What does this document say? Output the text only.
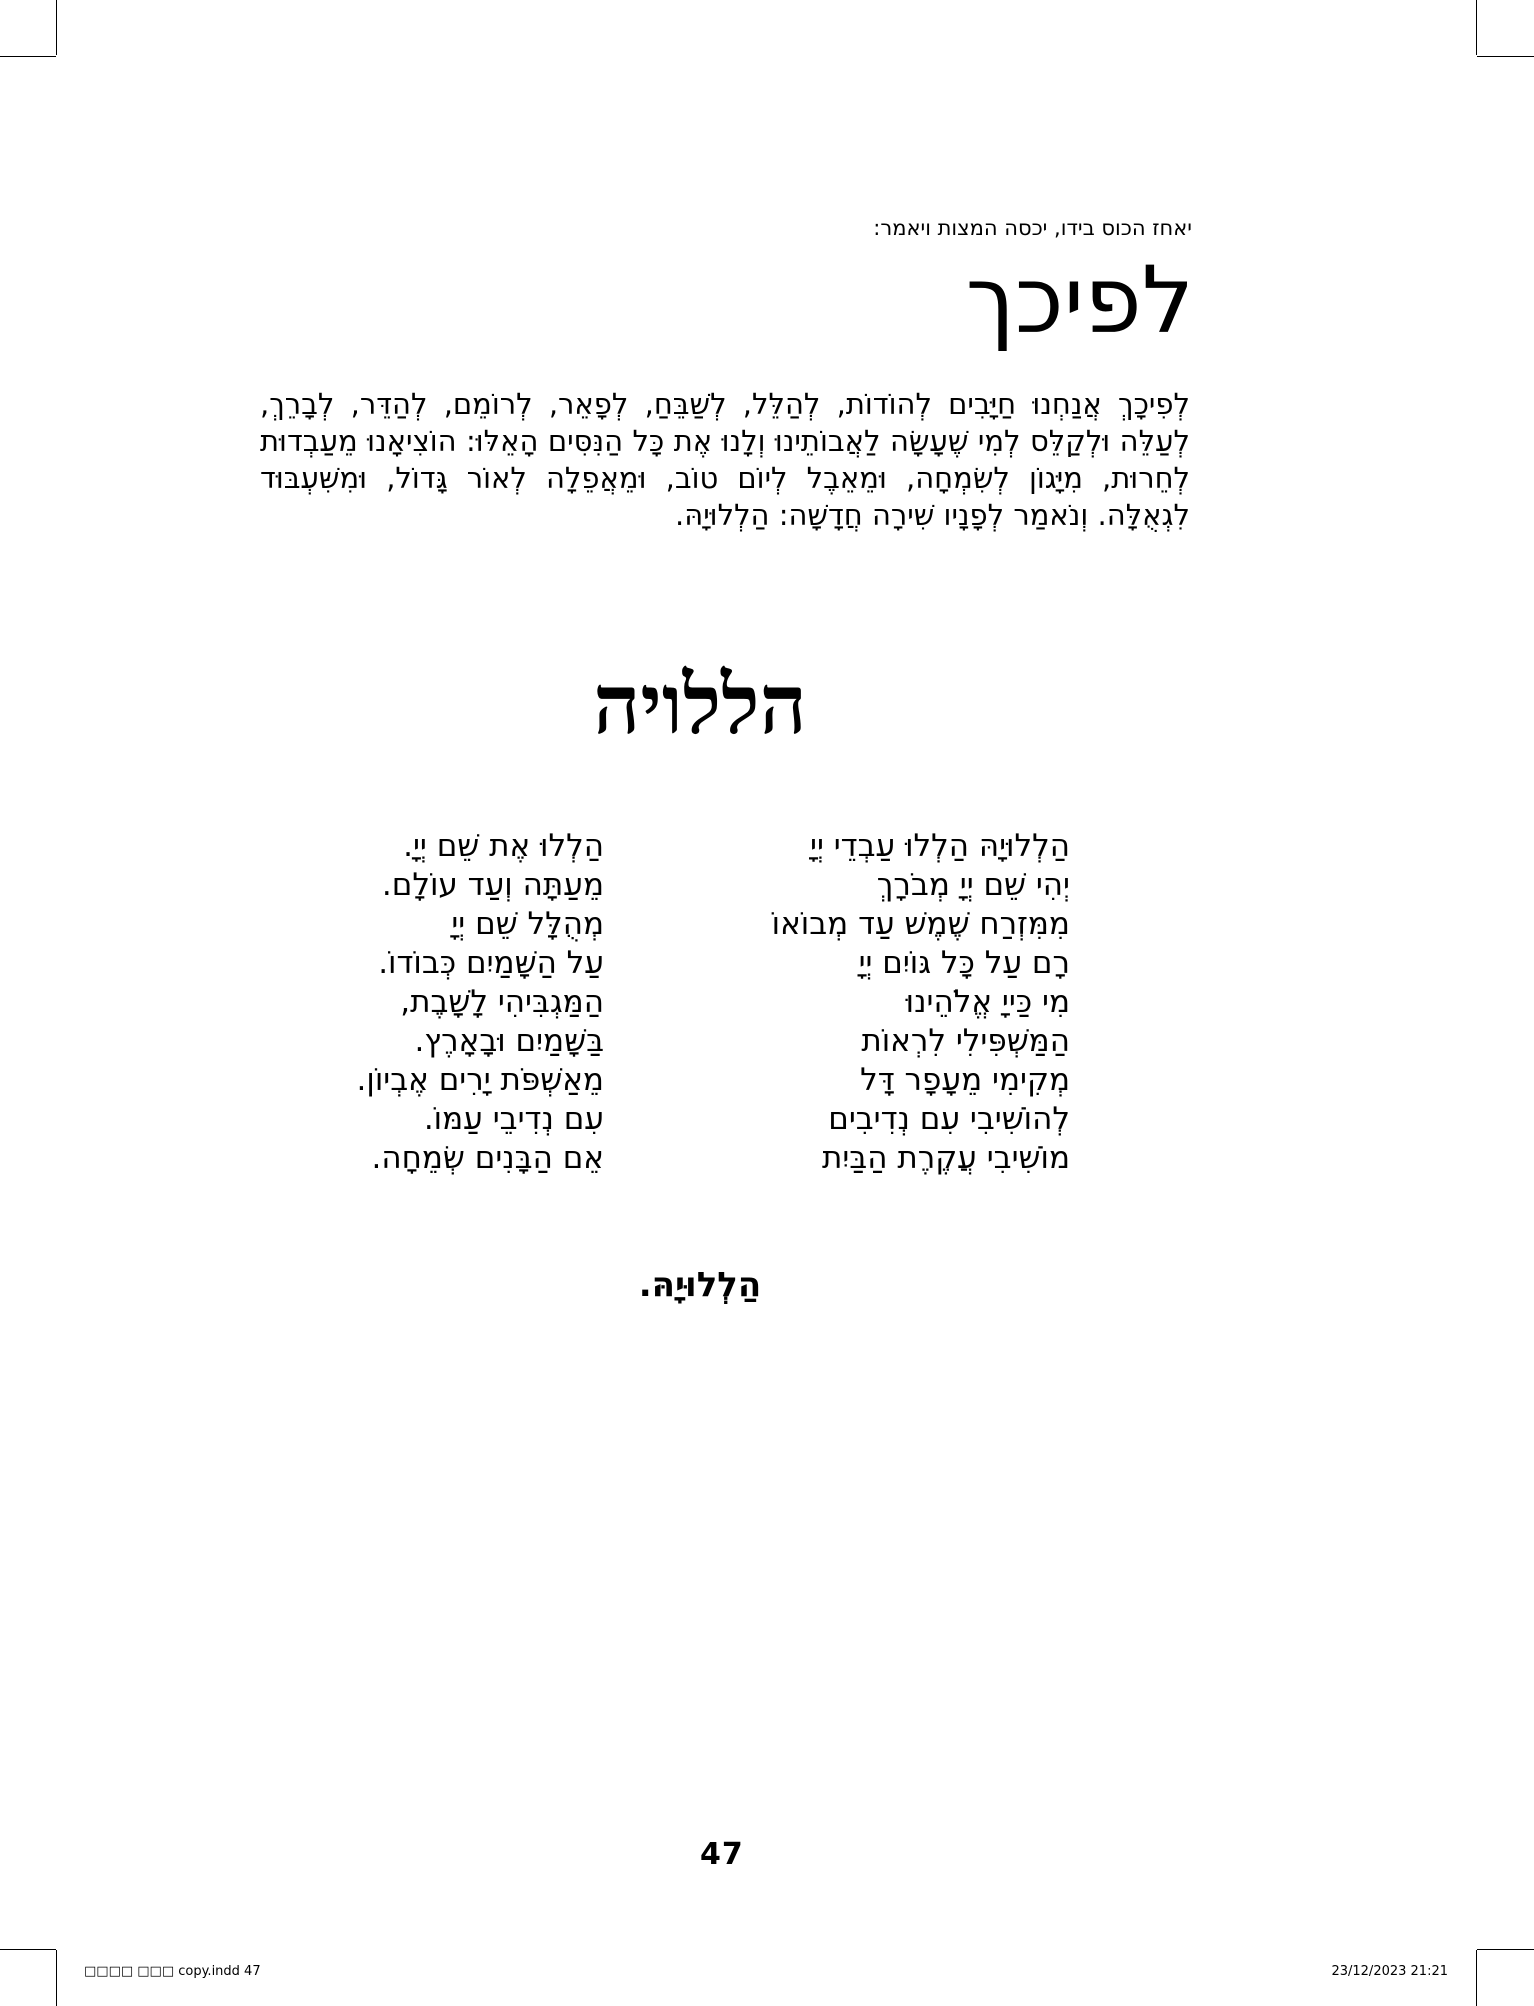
יאחז הכוס בידו, יכסה המצות ויאמר:
לפיכך

לְפִיכָךְ אֲנַחְנוּ חַיָּבִים לְהוֹדוֹת, לְהַלֵּל, לְשַׁבֵּחַ, לְפָאֵר, לְרוֹמֵם, לְהַדֵּר, לְבָרֵךְ, לְעַלֵּה וּלְקַלֵּס לְמִי שֶׁעָשָׂה לַאֲבוֹתֵינוּ וְלָנוּ אֶת כָּל הַנִּסִּים הָאֵלּוּ: הוֹצִיאָנוּ מֵעַבְדוּת לְחֵרוּת, מִיָּגוֹן לְשִׂמְחָה, וּמֵאֵבֶל לְיוֹם טוֹב, וּמֵאֲפֵלָה לְאוֹר גָּדוֹל, וּמִשִּׁעְבּוּד לִגְאֻלָּה. וְנֹאמַר לְפָנָיו שִׁירָה חֲדָשָׁה: הַלְלוּיָהּ.

הללויה
הַלְלוּיָהּ הַלְלוּ עַבְדֵי יְיָ
יְהִי שֵׁם יְיָ מְבֹרָךְ
מִמִּזְרַח שֶׁמֶשׁ עַד מְבוֹאוֹ
רָם עַל כָּל גּוֹיִם יְיָ
מִי כַּייָ אֱלֹהֵינוּ
הַמַּשְׁפִּילִי לִרְאוֹת
מְקִימִי מֵעָפָר דָּל
לְהוֹשִׁיבִי עִם נְדִיבִים
מוֹשִׁיבִי עֲקֶרֶת הַבַּיִת
הַלְלוּ אֶת שֵׁם יְיָ.
מֵעַתָּה וְעַד עוֹלָם.
מְהֻלָּל שֵׁם יְיָ
עַל הַשָּׁמַיִם כְּבוֹדוֹ.
הַמַּגְבִּיהִי לָשָׁבֶת,
בַּשָּׁמַיִם וּבָאָרֶץ.
מֵאַשְׁפֹּת יָרִים אֶבְיוֹן.
עִם נְדִיבֵי עַמּוֹ.
אֵם הַבָּנִים שְׂמֵחָה.
הַלְלוּיָהּ.
47
□□□□ □□□ copy.indd 47	23/12/2023 21:21
